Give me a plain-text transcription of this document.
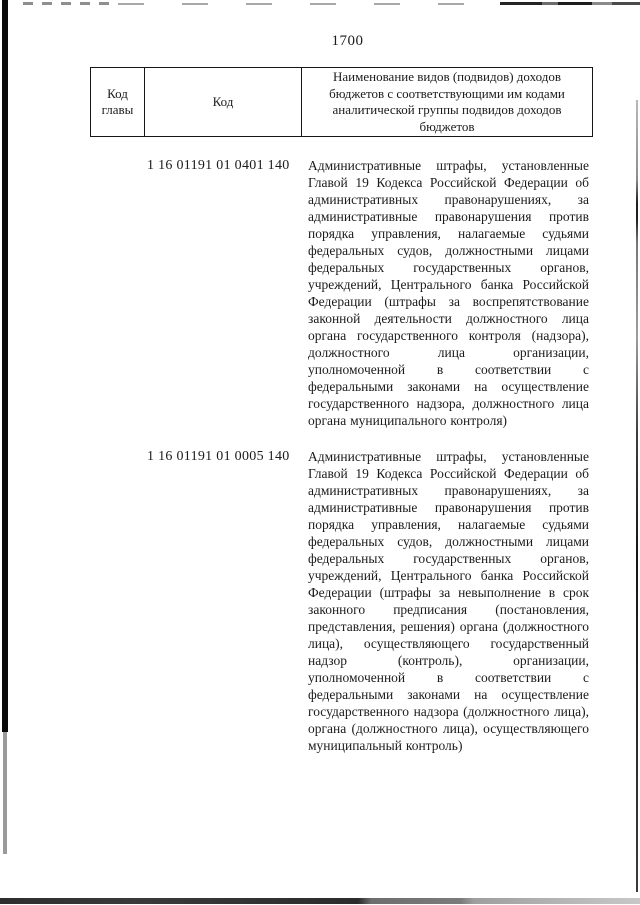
1700
Код главы
Код
Наименование видов (подвидов) доходов бюджетов с соответствующими им кодами аналитической группы подвидов доходов бюджетов
1 16 01191 01 0401 140	Административные штрафы, установленные Главой 19 Кодекса Российской Федерации об административных правонарушениях, за административные правонарушения против порядка управления, налагаемые судьями федеральных судов, должностными лицами федеральных государственных органов, учреждений, Центрального банка Российской Федерации (штрафы за воспрепятствование законной деятельности должностного лица органа государственного контроля (надзора), должностного лица организации, уполномоченной в соответствии с федеральными законами на осуществление государственного надзора, должностного лица органа муниципального контроля)
1 16 01191 01 0005 140	Административные штрафы, установленные Главой 19 Кодекса Российской Федерации об административных правонарушениях, за административные правонарушения против порядка управления, налагаемые судьями федеральных судов, должностными лицами федеральных государственных органов, учреждений, Центрального банка Российской Федерации (штрафы за невыполнение в срок законного предписания (постановления, представления, решения) органа (должностного лица), осуществляющего государственный надзор (контроль), организации, уполномоченной в соответствии с федеральными законами на осуществление государственного надзора (должностного лица), органа (должностного лица), осуществляющего муниципальный контроль)
